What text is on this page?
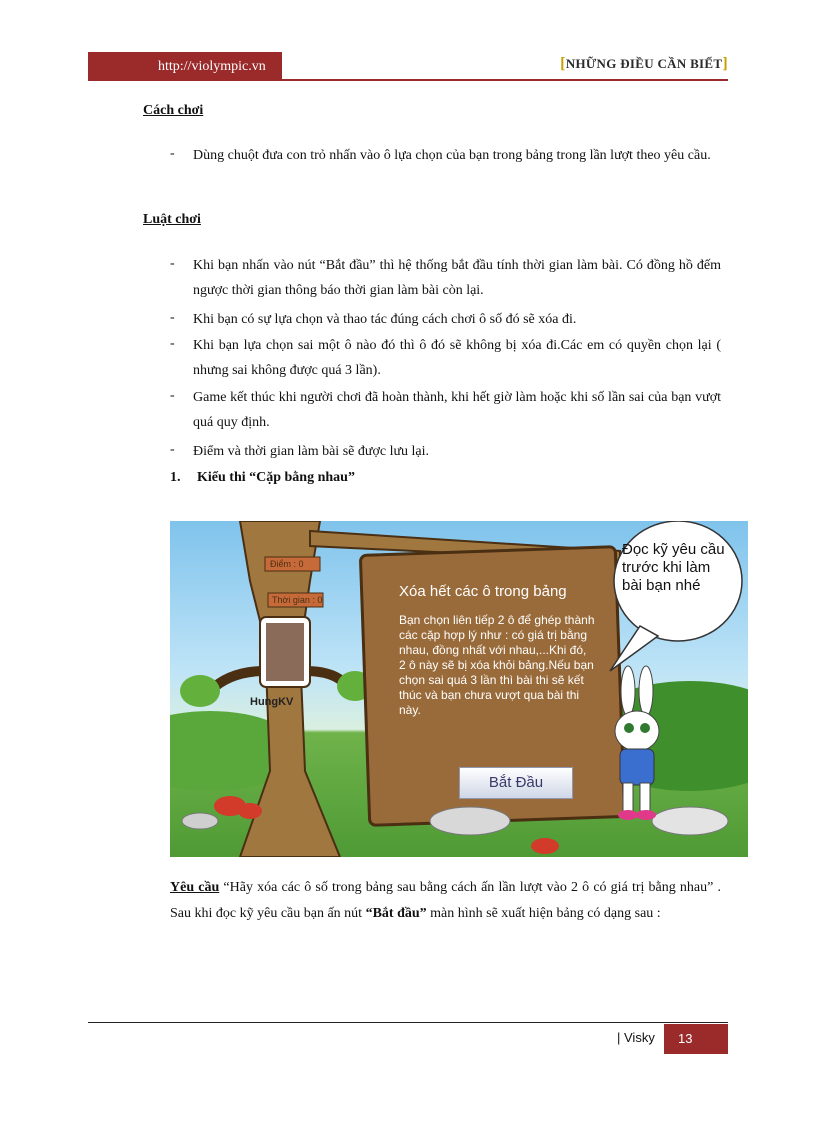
http://violympic.vn	[NHỮNG ĐIỀU CẦN BIẾT]
Cách chơi
- Dùng chuột đưa con trỏ nhấn vào ô lựa chọn của bạn trong bảng trong lần lượt theo yêu cầu.
Luật chơi
- Khi bạn nhấn vào nút “Bắt đầu” thì hệ thống bắt đầu tính thời gian làm bài. Có đồng hồ đếm ngược thời gian thông báo thời gian làm bài còn lại.
- Khi bạn có sự lựa chọn và thao tác đúng cách chơi ô số đó sẽ xóa đi.
- Khi bạn lựa chọn sai một ô nào đó thì ô đó sẽ không bị xóa đi.Các em có quyền chọn lại ( nhưng sai không được quá 3 lần).
- Game kết thúc khi người chơi đã hoàn thành, khi hết giờ làm hoặc khi số lần sai của bạn vượt quá quy định.
- Điểm và thời gian làm bài sẽ được lưu lại.
1. Kiểu thi “Cặp bằng nhau”
Điểm : 0
Thời gian : 0
HungKV
Xóa hết các ô trong bảng
Bạn chọn liên tiếp 2 ô để ghép thành các cặp hợp lý như : có giá trị bằng nhau, đồng nhất với nhau,...Khi đó, 2 ô này sẽ bị xóa khỏi bảng.Nếu bạn chọn sai quá 3 lần thì bài thi sẽ kết thúc và bạn chưa vượt qua bài thi này.
Bắt Đầu
Đọc kỹ yêu cầu trước khi làm bài bạn nhé
Yêu cầu “Hãy xóa các ô số trong bảng sau bằng cách ấn lần lượt vào 2 ô có giá trị bằng nhau” . Sau khi đọc kỹ yêu cầu bạn ấn nút “Bắt đầu” màn hình sẽ xuất hiện bảng có dạng sau :
| Visky	13
